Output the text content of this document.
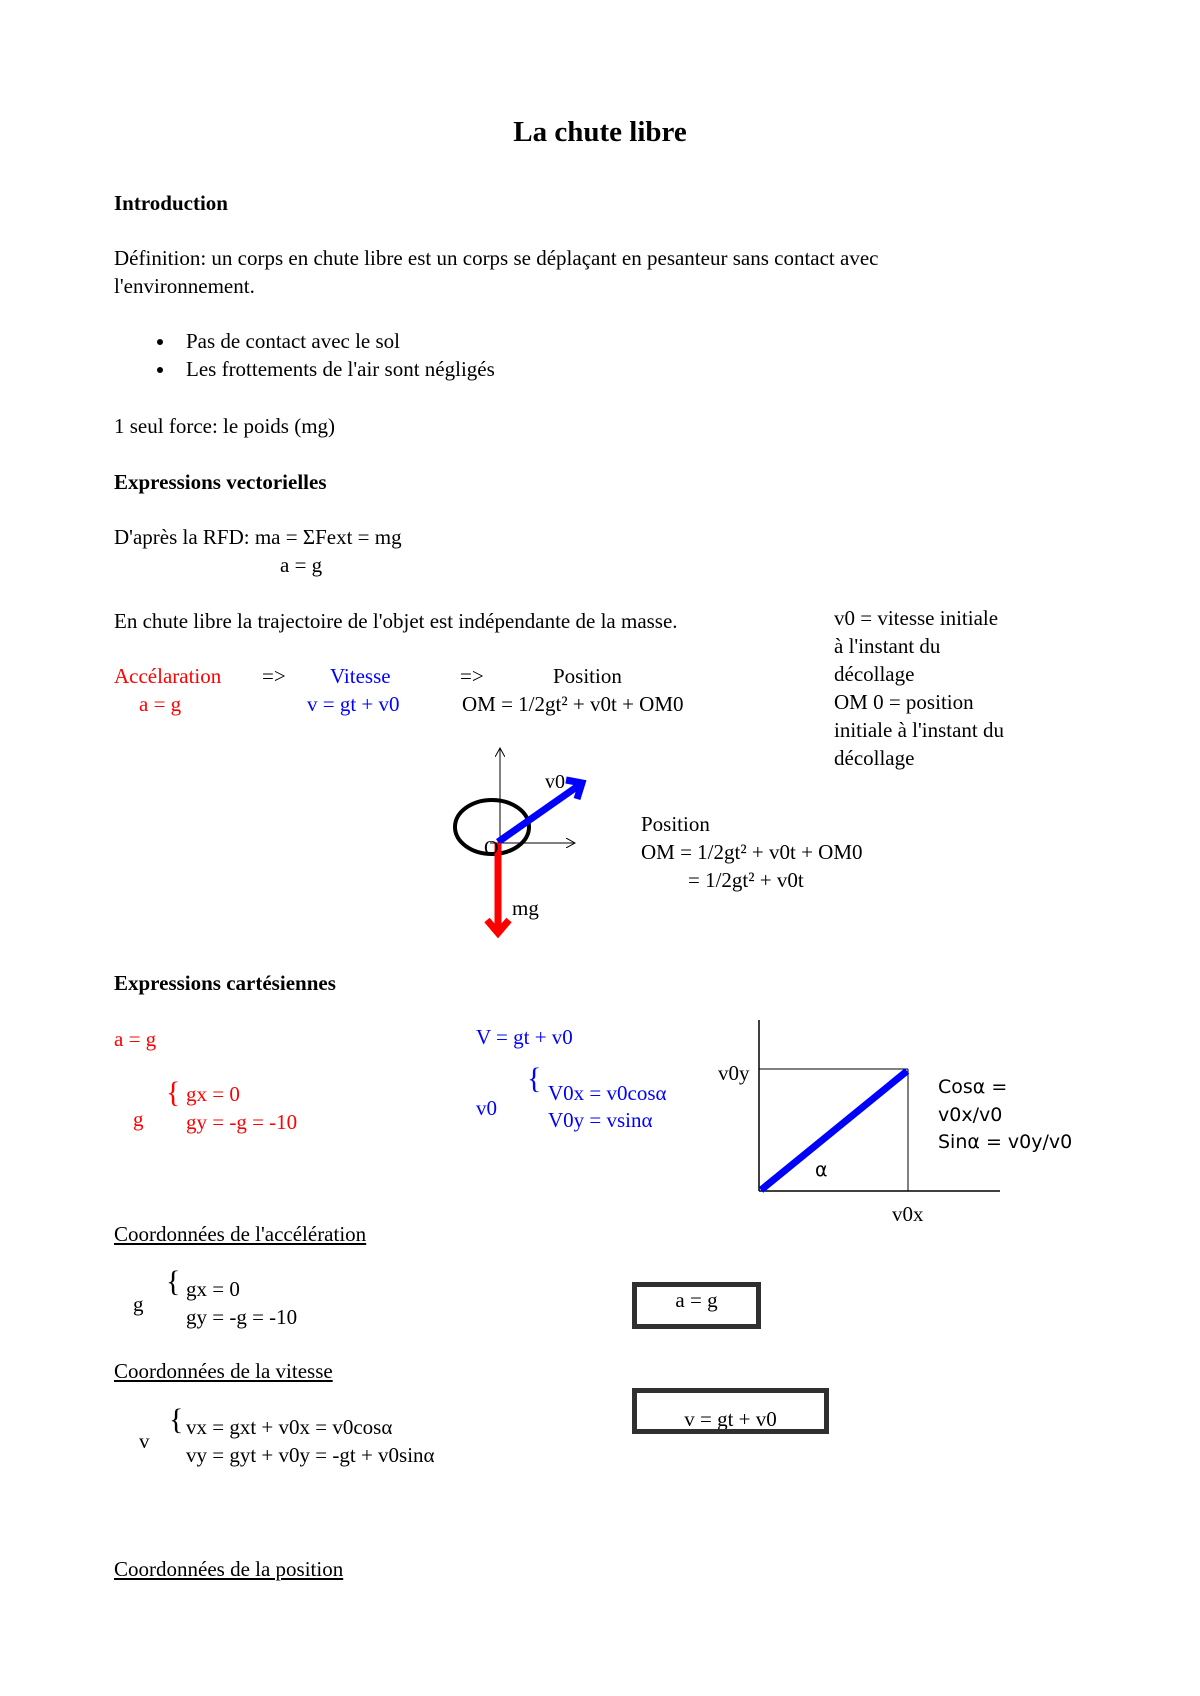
La chute libre
Introduction
Définition: un corps en chute libre est un corps se déplaçant en pesanteur sans contact avec
l'environnement.
Pas de contact avec le sol
Les frottements de l'air sont négligés
1 seul force: le poids (mg)
Expressions vectorielles
D'après la RFD: ma = ΣFext = mg
a = g
En chute libre la trajectoire de l'objet est indépendante de la masse.	v0 = vitesse initiale
à l'instant du
décollage
OM 0 = position
initiale à l'instant du
décollage
Accélaration => Vitesse	=>	Position
a = g	v = gt + v0	OM = 1/2gt² + v0t + OM0
v0
O
mg
Position
OM = 1/2gt² + v0t + OM0
= 1/2gt² + v0t
Expressions cartésiennes
a = g
g
{ gx = 0
gy = -g = -10
V = gt + v0
v0
{ V0x = v0cosα
V0y = vsinα
v0y
v0x
α
Cosα =
v0x/v0
Sinα = v0y/v0
Coordonnées de l'accélération
g
{ gx = 0
gy = -g = -10
a = g
Coordonnées de la vitesse
v
{ vx = gxt + v0x = v0cosα
vy = gyt + v0y = -gt + v0sinα
v = gt + v0
Coordonnées de la position
